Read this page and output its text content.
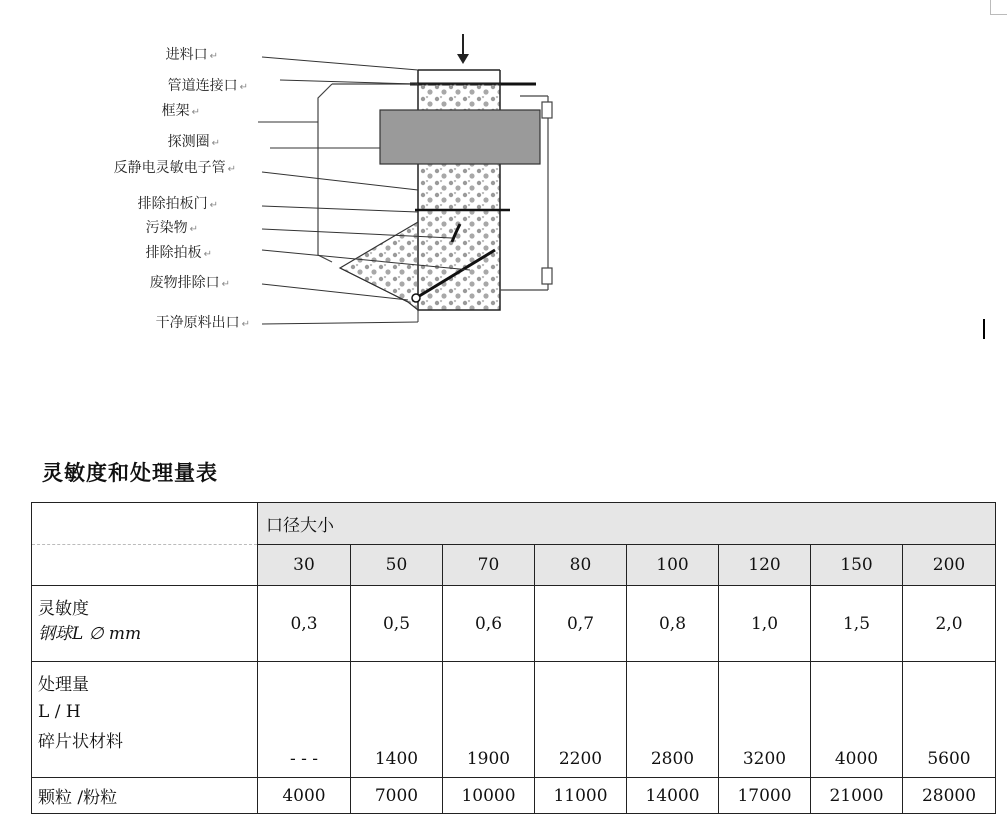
进料口 ↵
管道连接口 ↵
框架 ↵
探测圈 ↵
反静电灵敏电子管 ↵
排除拍板门 ↵
污染物 ↵
排除拍板 ↵
废物排除口 ↵
干净原料出口 ↵
灵敏度和处理量表
	口径大小							
	30	50	70	80	100	120	150	200

灵敏度
钢球L ∅ mm	0,3	0,5	0,6	0,7	0,8	1,0	1,5	2,0

处理量
L / H
碎片状材料	- - -	1400	1900	2200	2800	3200	4000	5600
颗粒 /粉粒	4000	7000	10000	11000	14000	17000	21000	28000
